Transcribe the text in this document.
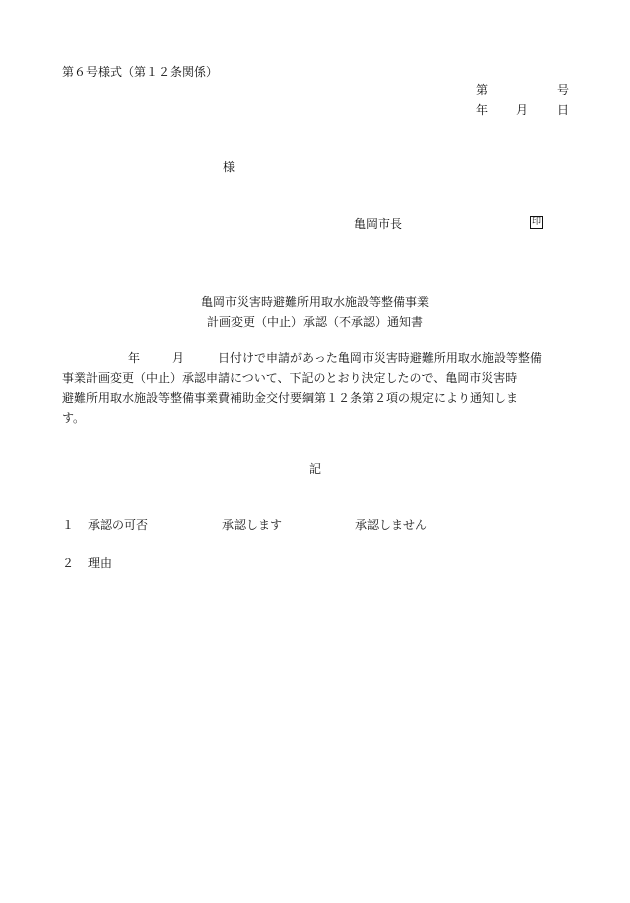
第６号様式（第１２条関係）
第	号
年 月 日
様
亀岡市長	印
亀岡市災害時避難所用取水施設等整備事業
計画変更（中止）承認（不承認）通知書
年	月	日付けで申請があった亀岡市災害時避難所用取水施設等整備
事業計画変更（中止）承認申請について、下記のとおり決定したので、亀岡市災害時
避難所用取水施設等整備事業費補助金交付要綱第１２条第２項の規定により通知しま
す。
記
１ 承認の可否	承認します	承認しません
２ 理由
